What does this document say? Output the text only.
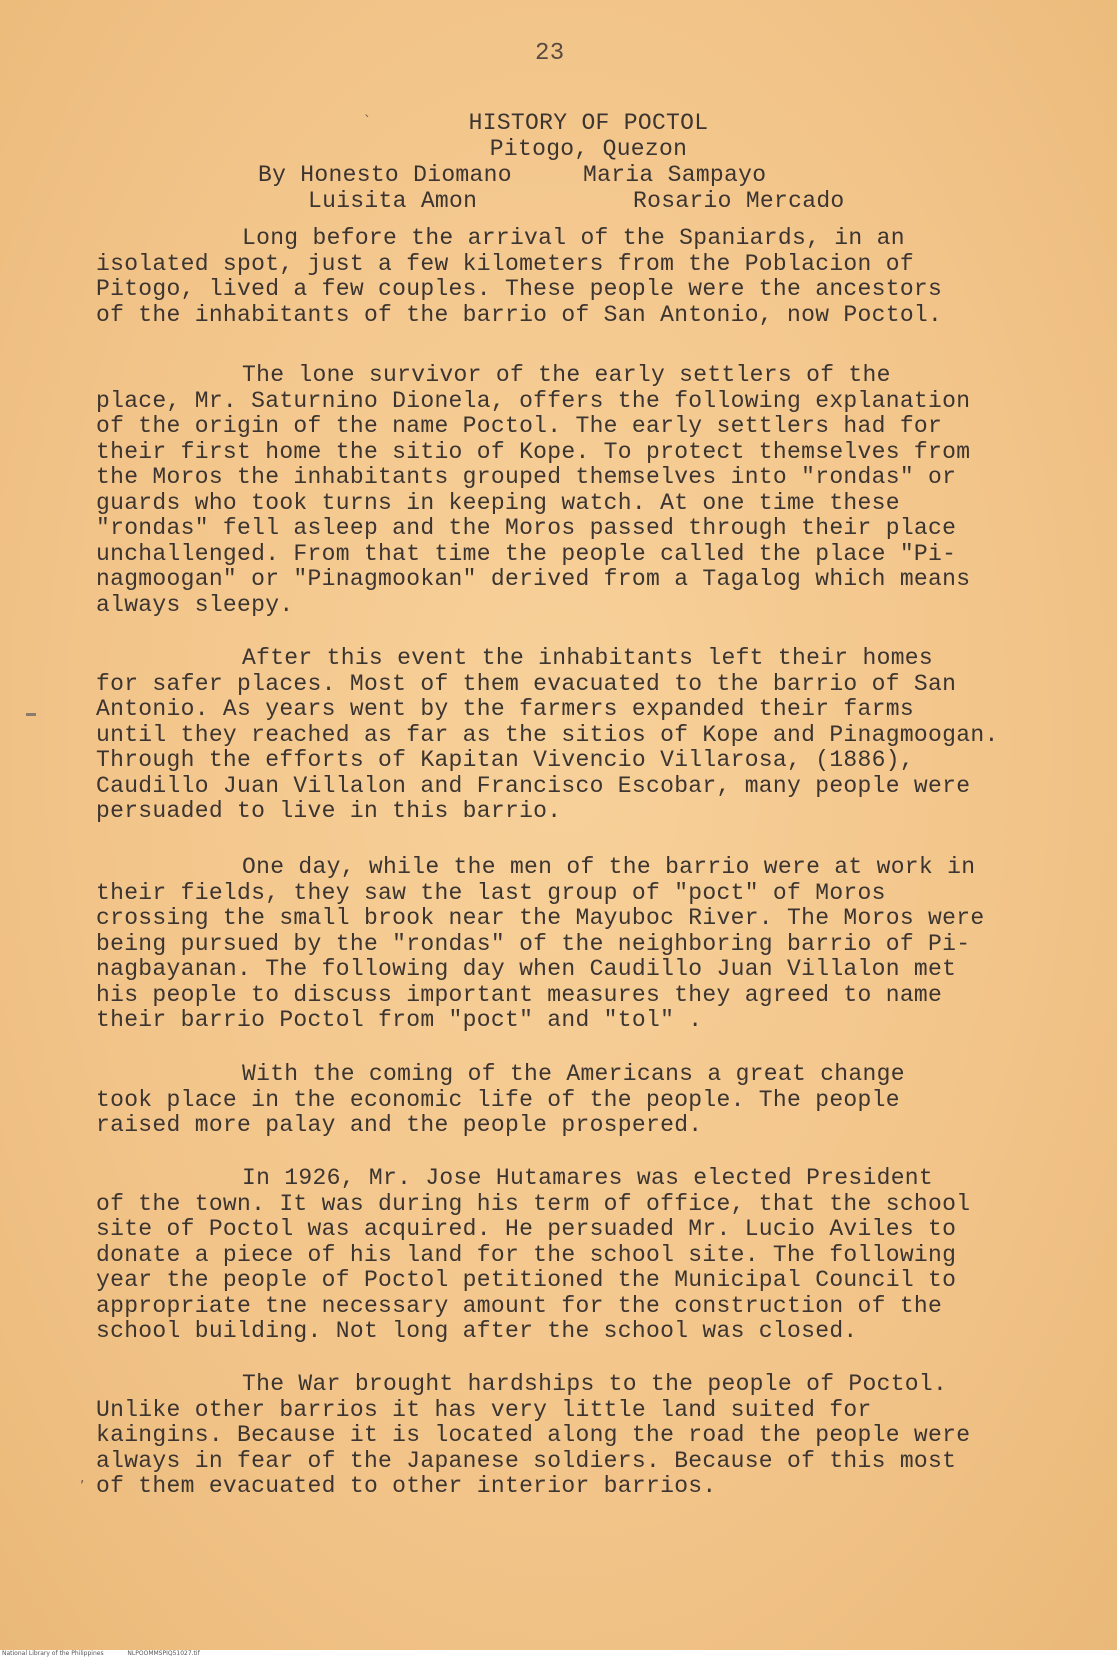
23
HISTORY OF POCTOL
Pitogo, Quezon
By Honesto Diomano	Maria Sampayo
Luisita Amon	Rosario Mercado
Long before the arrival of the Spaniards, in an
isolated spot, just a few kilometers from the Poblacion of
Pitogo, lived a few couples. These people were the ancestors
of the inhabitants of the barrio of San Antonio, now Poctol.
The lone survivor of the early settlers of the
place, Mr. Saturnino Dionela, offers the following explanation
of the origin of the name Poctol. The early settlers had for
their first home the sitio of Kope. To protect themselves from
the Moros the inhabitants grouped themselves into "rondas" or
guards who took turns in keeping watch. At one time these
"rondas" fell asleep and the Moros passed through their place
unchallenged. From that time the people called the place "Pi-
nagmoogan" or "Pinagmookan" derived from a Tagalog which means
always sleepy.
After this event the inhabitants left their homes
for safer places. Most of them evacuated to the barrio of San
Antonio. As years went by the farmers expanded their farms
until they reached as far as the sitios of Kope and Pinagmoogan.
Through the efforts of Kapitan Vivencio Villarosa, (1886),
Caudillo Juan Villalon and Francisco Escobar, many people were
persuaded to live in this barrio.
One day, while the men of the barrio were at work in
their fields, they saw the last group of "poct" of Moros
crossing the small brook near the Mayuboc River. The Moros were
being pursued by the "rondas" of the neighboring barrio of Pi-
nagbayanan. The following day when Caudillo Juan Villalon met
his people to discuss important measures they agreed to name
their barrio Poctol from "poct" and "tol" .
With the coming of the Americans a great change
took place in the economic life of the people. The people
raised more palay and the people prospered.
In 1926, Mr. Jose Hutamares was elected President
of the town. It was during his term of office, that the school
site of Poctol was acquired. He persuaded Mr. Lucio Aviles to
donate a piece of his land for the school site. The following
year the people of Poctol petitioned the Municipal Council to
appropriate tne necessary amount for the construction of the
school building. Not long after the school was closed.
The War brought hardships to the people of Poctol.
Unlike other barrios it has very little land suited for
kaingins. Because it is located along the road the people were
always in fear of the Japanese soldiers. Because of this most
of them evacuated to other interior barrios.
`
,
National Library of the Philippines	NLPOOMMSPIQ51027.tif
